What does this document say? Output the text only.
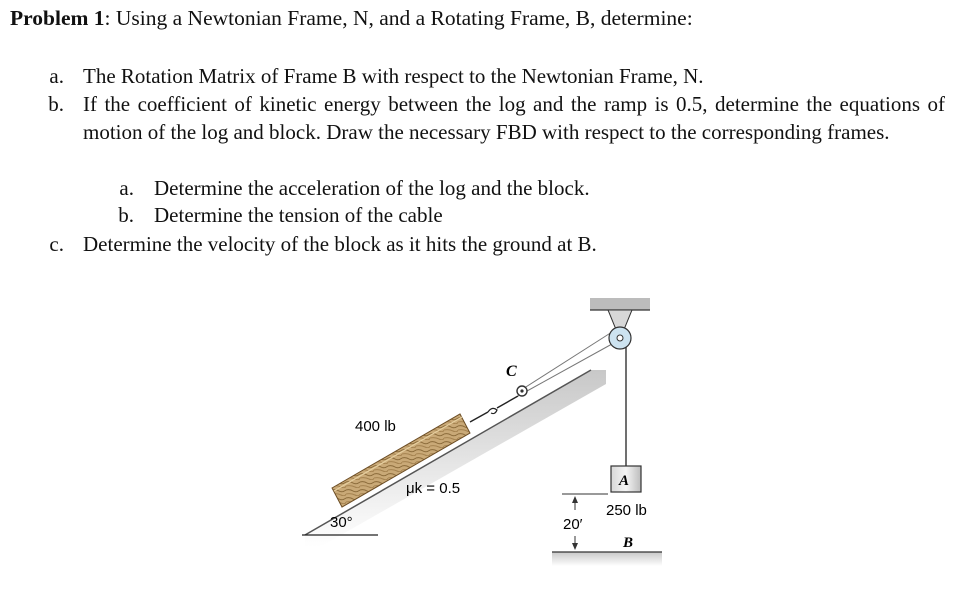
Problem 1: Using a Newtonian Frame, N, and a Rotating Frame, B, determine:
a. The Rotation Matrix of Frame B with respect to the Newtonian Frame, N.
b. If the coefficient of kinetic energy between the log and the ramp is 0.5, determine the equations of motion of the log and block. Draw the necessary FBD with respect to the corresponding frames.
a. Determine the acceleration of the log and the block.
b. Determine the tension of the cable
c. Determine the velocity of the block as it hits the ground at B.
400 lb
μk = 0.5
30°
C
A
250 lb
20′
B
